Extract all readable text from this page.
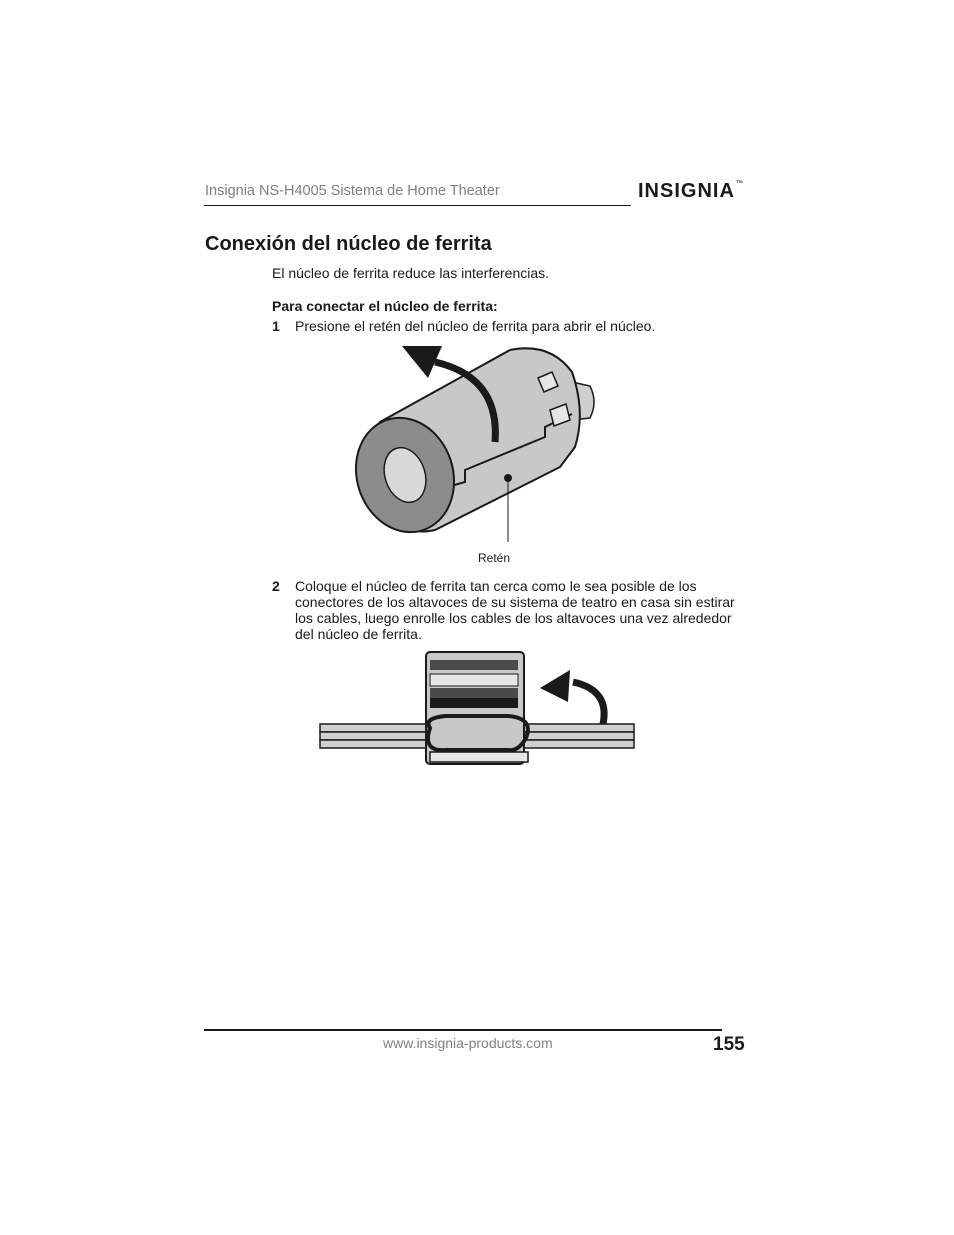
Insignia NS-H4005 Sistema de Home Theater	INSIGNIA™
Conexión del núcleo de ferrita
El núcleo de ferrita reduce las interferencias.
Para conectar el núcleo de ferrita:
1 Presione el retén del núcleo de ferrita para abrir el núcleo.
Retén
2 Coloque el núcleo de ferrita tan cerca como le sea posible de los conectores de los altavoces de su sistema de teatro en casa sin estirar los cables, luego enrolle los cables de los altavoces una vez alrededor del núcleo de ferrita.
www.insignia-products.com	155
